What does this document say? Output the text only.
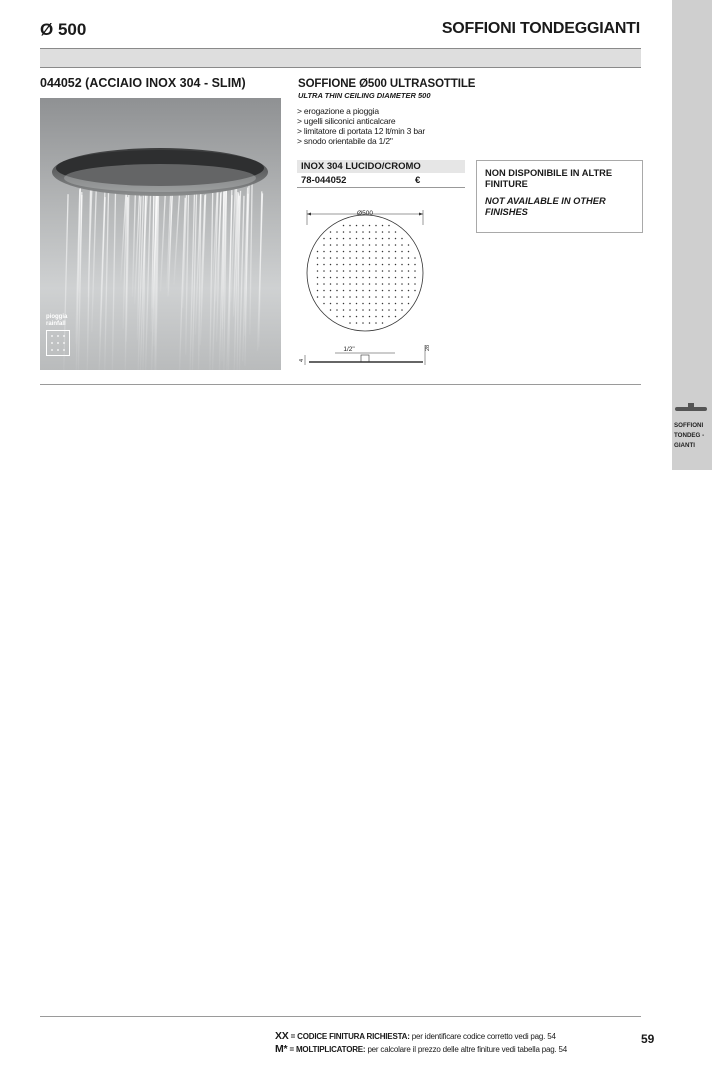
SOFFIONI
TONDEG -
GIANTI
Ø 500	SOFFIONI TONDEGGIANTI
044052 (ACCIAIO INOX 304 - SLIM)
pioggia
rainfall
SOFFIONE Ø500 ULTRASOTTILE
ULTRA THIN CEILING DIAMETER 500
> erogazione a pioggia
> ugelli siliconici anticalcare
> limitatore di portata 12 lt/min 3 bar
> snodo orientabile da 1/2"
INOX 304 LUCIDO/CROMO
78-044052	€
NON DISPONIBILE IN ALTRE FINITURE
NOT AVAILABLE IN OTHER FINISHES
Ø500
1/2"	28
4
XX = CODICE FINITURA RICHIESTA: per identificare codice corretto vedi pag. 54
M* = MOLTIPLICATORE: per calcolare il prezzo delle altre finiture vedi tabella pag. 54
59
